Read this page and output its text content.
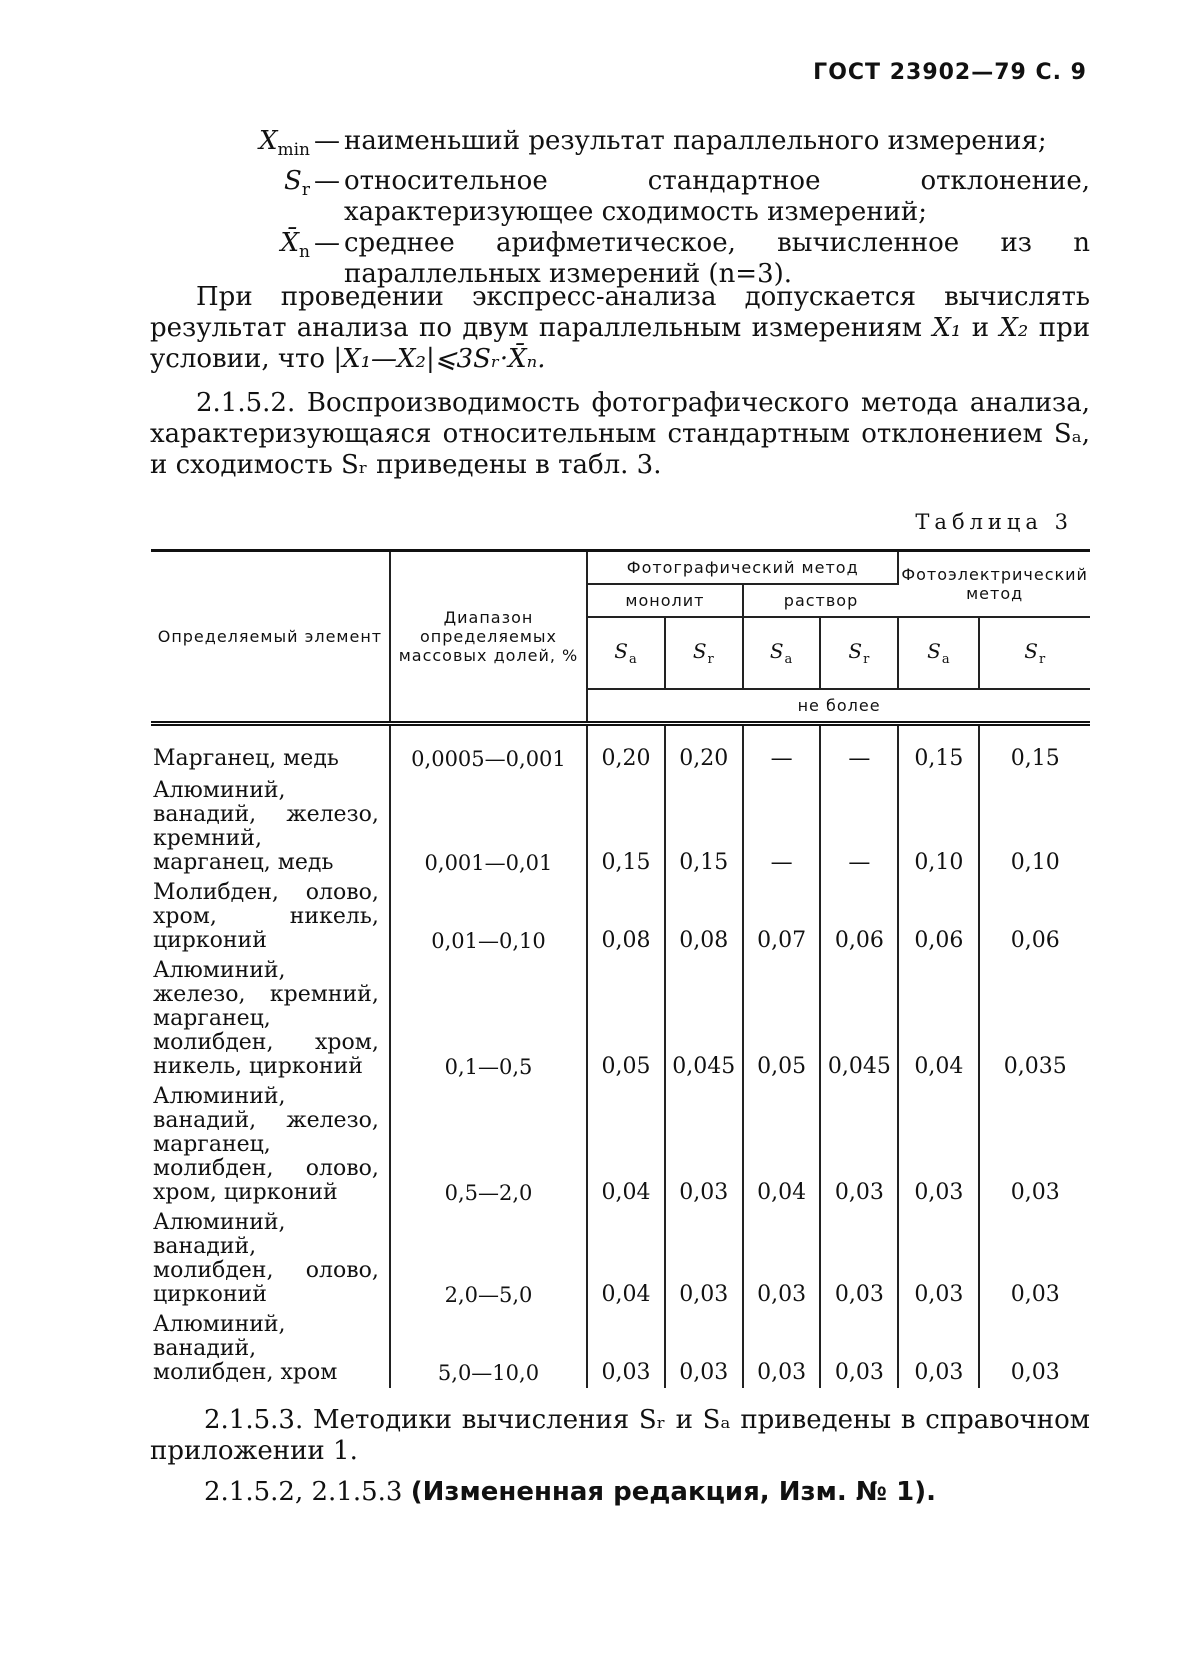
ГОСТ 23902—79 С. 9
$X_{min}$ — наименьший результат параллельного измерения;
$S_r$ — относительное стандартное отклонение, характеризующее сходимость измерений;
$X̄_n$ — среднее арифметическое, вычисленное из n параллельных измерений (n=3).
При проведении экспресс-анализа допускается вычислять результат анализа по двум параллельным измерениям X₁ и X₂ при условии, что |X₁—X₂|⩽3Sᵣ·X̄ₙ.
2.1.5.2. Воспроизводимость фотографического метода анализа, характеризующаяся относительным стандартным отклонением Sₐ, и сходимость Sᵣ приведены в табл. 3.
Таблица 3
Определяемый элемент	Диапазон определяемых массовых долей, %	Фотографический метод				Фотоэлектрический метод	
		монолит		раствор			
		$S_a$	$S_r$	$S_a$	$S_r$	$S_a$	$S_r$
		не более					
Марганец, медь	0,0005—0,001	0,20	0,20	—	—	0,15	0,15
Алюминий, ванадий, железо, кремний, марганец, медь	0,001—0,01	0,15	0,15	—	—	0,10	0,10
Молибден, олово, хром, никель, цирконий	0,01—0,10	0,08	0,08	0,07	0,06	0,06	0,06
Алюминий, железо, кремний, марганец, молибден, хром, никель, цирконий	0,1—0,5	0,05	0,045	0,05	0,045	0,04	0,035
Алюминий, ванадий, железо, марганец, молибден, олово, хром, цирконий	0,5—2,0	0,04	0,03	0,04	0,03	0,03	0,03
Алюминий, ванадий, молибден, олово, цирконий	2,0—5,0	0,04	0,03	0,03	0,03	0,03	0,03
Алюминий, ванадий, молибден, хром	5,0—10,0	0,03	0,03	0,03	0,03	0,03	0,03
2.1.5.3. Методики вычисления Sᵣ и Sₐ приведены в справочном приложении 1.
2.1.5.2, 2.1.5.3 (Измененная редакция, Изм. № 1).
